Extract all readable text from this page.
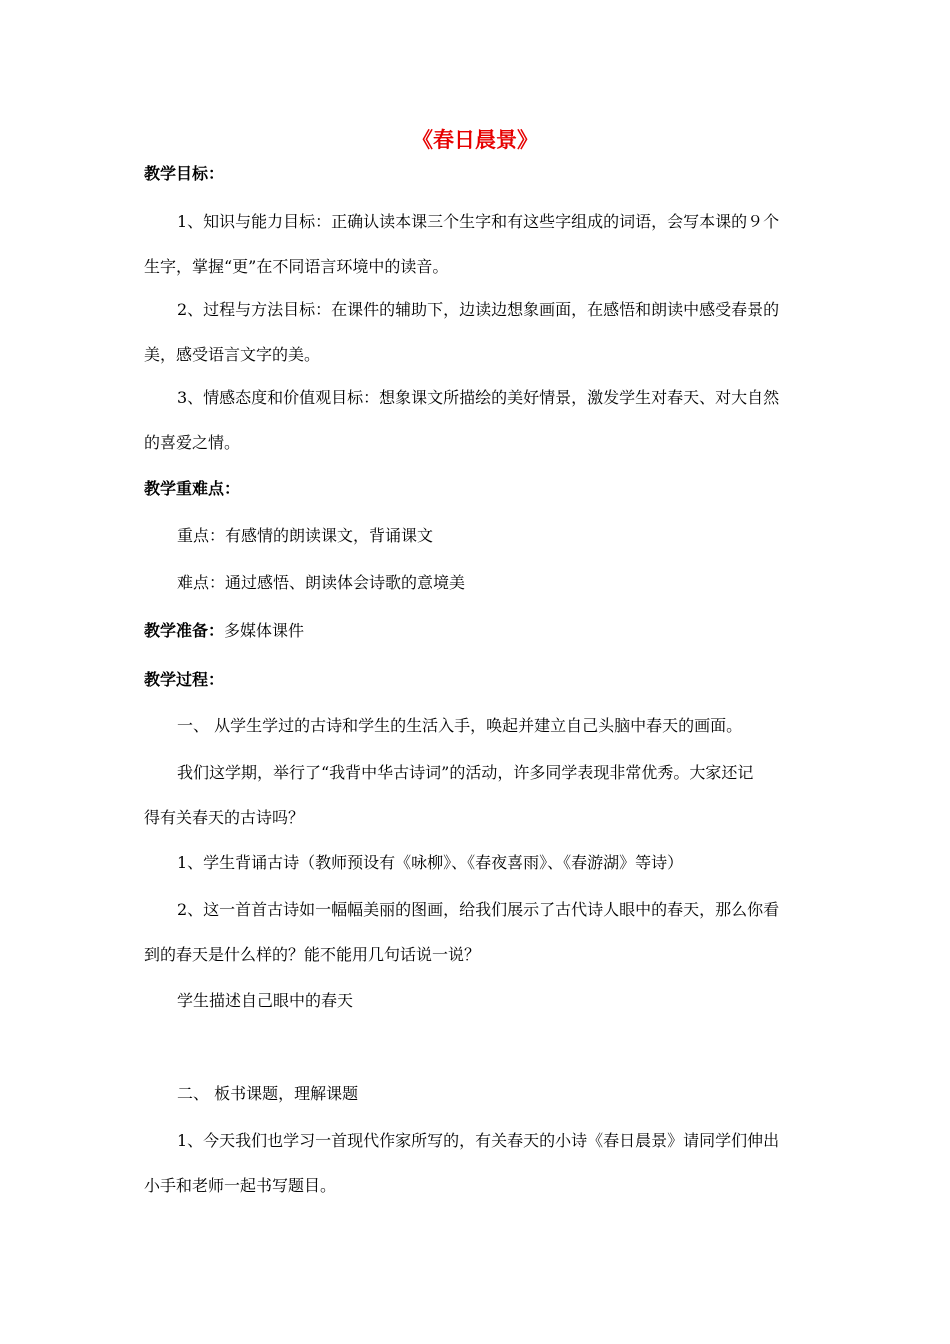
《春日晨景》
教学目标：
1、知识与能力目标：正确认读本课三个生字和有这些字组成的词语，会写本课的９个
生字，掌握“更”在不同语言环境中的读音。
2、过程与方法目标：在课件的辅助下，边读边想象画面，在感悟和朗读中感受春景的
美，感受语言文字的美。
3、情感态度和价值观目标：想象课文所描绘的美好情景，激发学生对春天、对大自然
的喜爱之情。
教学重难点：
重点：有感情的朗读课文，背诵课文
难点：通过感悟、朗读体会诗歌的意境美
教学准备：多媒体课件
教学过程：
一、 从学生学过的古诗和学生的生活入手，唤起并建立自己头脑中春天的画面。
我们这学期，举行了“我背中华古诗词”的活动，许多同学表现非常优秀。大家还记
得有关春天的古诗吗？
1、学生背诵古诗（教师预设有《咏柳》、《春夜喜雨》、《春游湖》等诗）
2、这一首首古诗如一幅幅美丽的图画，给我们展示了古代诗人眼中的春天，那么你看
到的春天是什么样的？能不能用几句话说一说？
学生描述自己眼中的春天
二、 板书课题，理解课题
1、今天我们也学习一首现代作家所写的，有关春天的小诗《春日晨景》请同学们伸出
小手和老师一起书写题目。
